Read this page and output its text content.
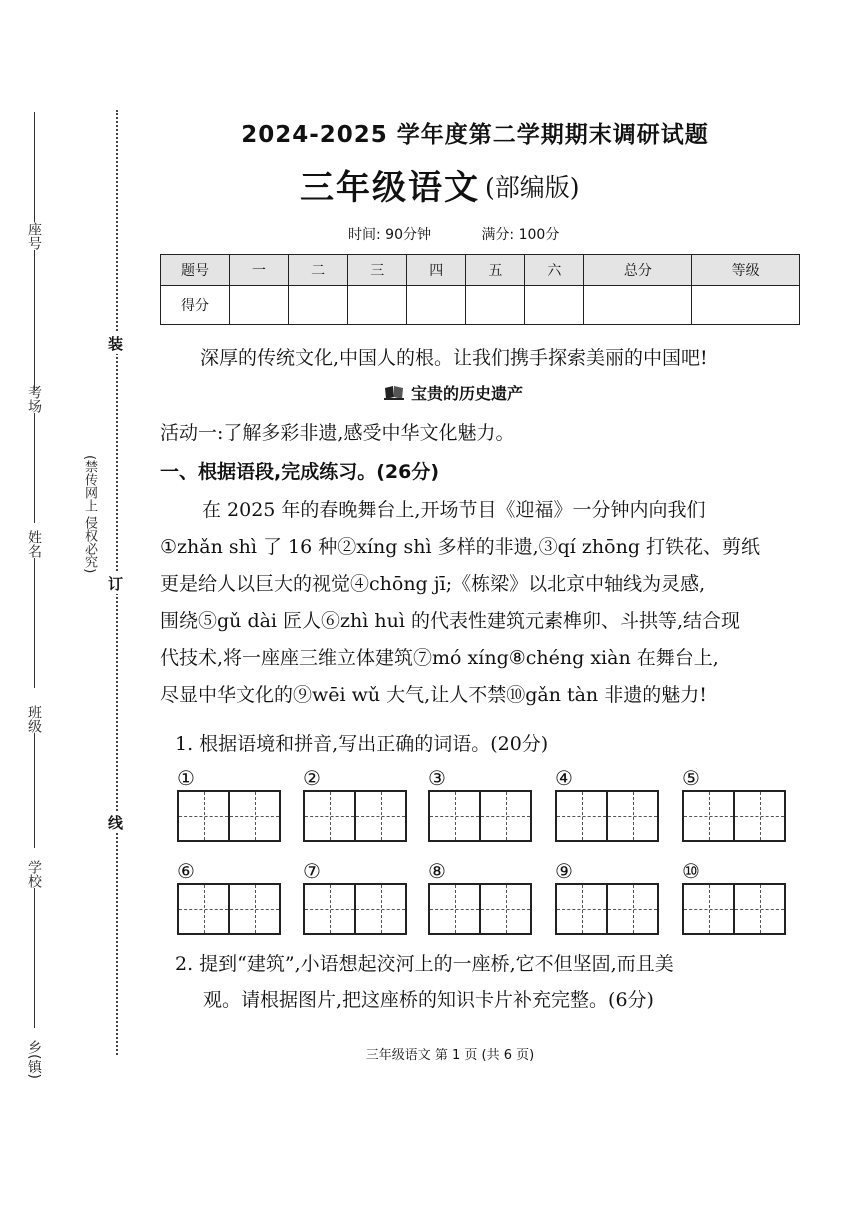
座号
考场
姓名
班级
学校
乡(镇)
装
订
线
(禁传网上 侵权必究)
2024-2025 学年度第二学期期末调研试题
三年级语文 (部编版)
时间: 90分钟	满分: 100分
题号	一	二	三	四	五	六	总分	等级
得分								
深厚的传统文化,中国人的根。让我们携手探索美丽的中国吧!
宝贵的历史遗产
活动一:了解多彩非遗,感受中华文化魅力。
一、根据语段,完成练习。(26分)
在 2025 年的春晚舞台上,开场节目《迎福》一分钟内向我们
①zhǎn shì 了 16 种②xíng shì 多样的非遗,③qí zhōng 打铁花、剪纸
更是给人以巨大的视觉④chōng jī;《栋梁》以北京中轴线为灵感,
围绕⑤gǔ dài 匠人⑥zhì huì 的代表性建筑元素榫卯、斗拱等,结合现
代技术,将一座座三维立体建筑⑦mó xíng⑧chéng xiàn 在舞台上,
尽显中华文化的⑨wēi wǔ 大气,让人不禁⑩gǎn tàn 非遗的魅力!
1. 根据语境和拼音,写出正确的词语。(20分)
①	②	③	④	⑤
⑥	⑦	⑧	⑨	⑩
2. 提到“建筑”,小语想起洨河上的一座桥,它不但坚固,而且美
观。请根据图片,把这座桥的知识卡片补充完整。(6分)
三年级语文 第 1 页 (共 6 页)
